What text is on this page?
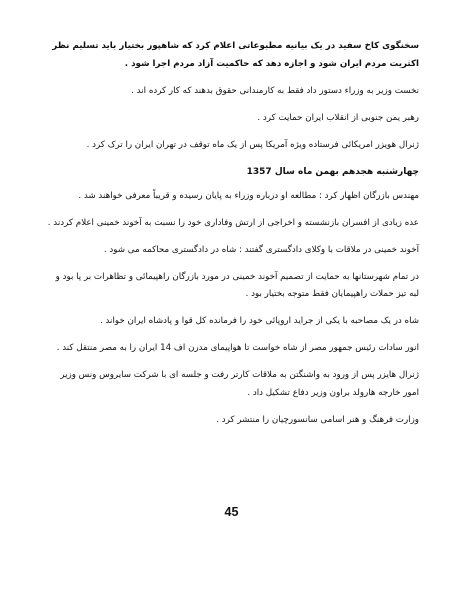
سخنگوی کاخ سفید در یک بیانیه مطبوعاتی اعلام کرد که شاهپور بختیار باید تسلیم نظر اکثریت مردم ایران شود و اجازه دهد که حاکمیت آزاد مردم اجرا شود .

نخست وزیر به وزراء دستور داد فقط به کارمندانی حقوق بدهند که کار کرده اند .

رهبر یمن جنوبی از انقلاب ایران حمایت کرد .

ژنرال هویزر امریکائی فرستاده ویژه آمریکا پس از یک ماه توقف در تهران ایران را ترک کرد .

چهارشنبه هجدهم بهمن ماه سال 1357

مهندس بازرگان اظهار کرد : مطالعه او درباره وزراء به پایان رسیده و قریباً معرفی خواهند شد .

عده زیادی از افسران بازنشسته و اخراجی از ارتش وفاداری خود را نسبت به آخوند خمینی اعلام کردند .

آخوند خمینی در ملاقات با وکلای دادگستری گفتند : شاه در دادگستری محاکمه می شود .

در تمام شهرستانها به حمایت از تصمیم آخوند خمینی در مورد بازرگان راهپیمائی و تظاهرات بر پا بود و لبه تیز حملات راهپیمایان فقط متوجه بختیار بود .

شاه در یک مصاحبه با یکی از جراید اروپائی خود را فرمانده کل قوا و پادشاه ایران خواند .

انور سادات رئیس جمهور مصر از شاه خواست تا هواپیمای مدرن اف 14 ایران را به مصر منتقل کند .

ژنرال هایزر پس از ورود به واشنگتن به ملاقات کارتر رفت و جلسه ای با شرکت سایروس ونس وزیر امور خارجه هارولد براون وزیر دفاع تشکیل داد .

وزارت فرهنگ و هنر اسامی سانسورچیان را منتشر کرد .

45
